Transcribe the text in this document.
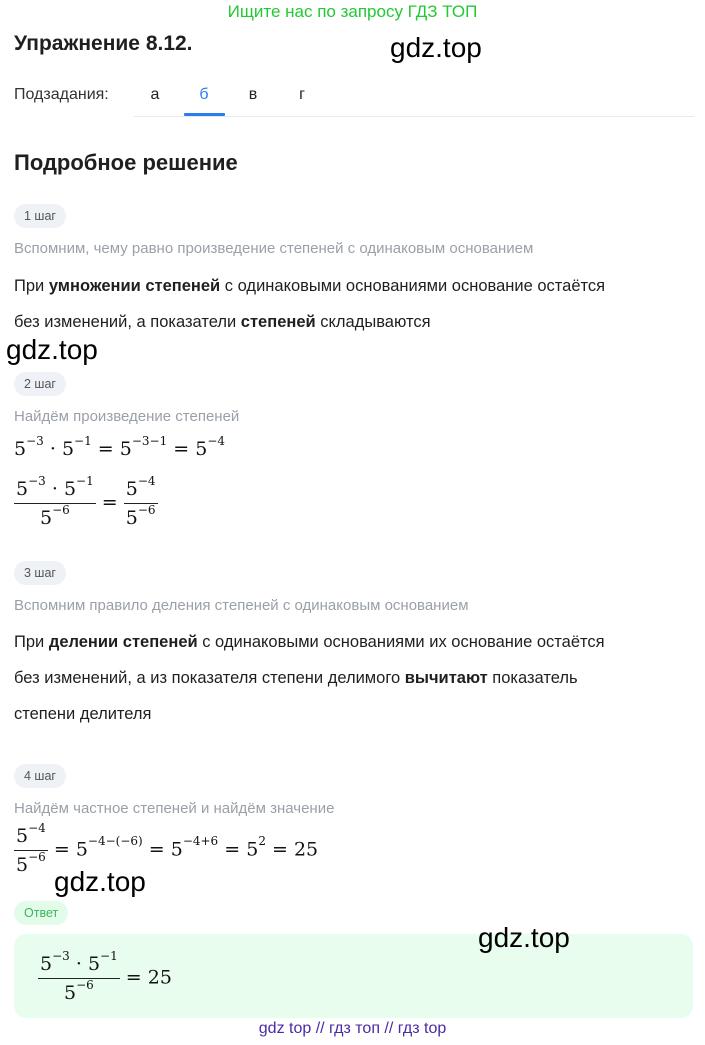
Ищите нас по запросу ГДЗ ТОП
Упражнение 8.12.	gdz.top
Подзадания:	а	б	в	г
Подробное решение
1 шаг
Вспомним, чему равно произведение степеней с одинаковым основанием
При умножении степеней с одинаковыми основаниями основание остаётся
без изменений, а показатели степеней складываются
gdz.top
2 шаг
Найдём произведение степеней
$5^{-3} \cdot 5^{-1} = 5^{-3-1} = 5^{-4}$
$\frac{5^{-3} \cdot 5^{-1}}{5^{-6}} = \frac{5^{-4}}{5^{-6}}$
3 шаг
Вспомним правило деления степеней с одинаковым основанием
При делении степеней с одинаковыми основаниями их основание остаётся
без изменений, а из показателя степени делимого вычитают показатель
степени делителя
4 шаг
Найдём частное степеней и найдём значение
$\frac{5^{-4}}{5^{-6}} = 5^{-4-(-6)} = 5^{-4+6} = 5^2 = 25$
gdz.top
Ответ
$\frac{5^{-3} \cdot 5^{-1}}{5^{-6}} = 25$
gdz.top
gdz top // гдз топ // гдз top
